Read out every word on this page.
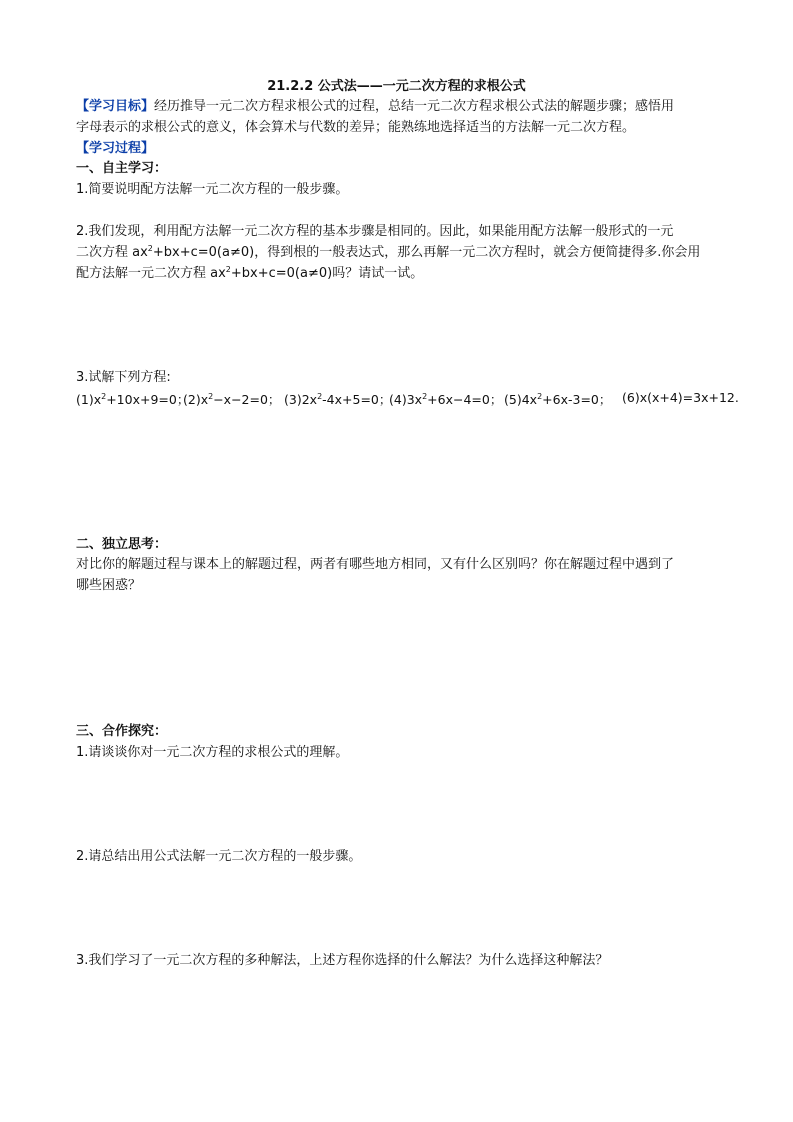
21.2.2 公式法——一元二次方程的求根公式
【学习目标】经历推导一元二次方程求根公式的过程，总结一元二次方程求根公式法的解题步骤；感悟用
字母表示的求根公式的意义，体会算术与代数的差异；能熟练地选择适当的方法解一元二次方程。
【学习过程】
一、自主学习：
1.简要说明配方法解一元二次方程的一般步骤。
2.我们发现，利用配方法解一元二次方程的基本步骤是相同的。因此，如果能用配方法解一般形式的一元
二次方程 $ax^2+bx+c=0(a\ne 0)$，得到根的一般表达式，那么再解一元二次方程时，就会方便简捷得多.你会用
配方法解一元二次方程 $ax^2+bx+c=0(a\ne 0)$吗？请试一试。
3.试解下列方程:
$(1)x^2+10x+9=0$；
$(2)x^2-x-2=0$； $(3)2x^2-4x+5=0$；
$(4)3x^2+6x-4=0$； $(5)4x^2+6x-3=0$； (6)x(x+4)=3x+12.
二、独立思考：
对比你的解题过程与课本上的解题过程，两者有哪些地方相同，又有什么区别吗？你在解题过程中遇到了
哪些困惑？
三、合作探究：
1.请谈谈你对一元二次方程的求根公式的理解。
2.请总结出用公式法解一元二次方程的一般步骤。
3.我们学习了一元二次方程的多种解法，上述方程你选择的什么解法？为什么选择这种解法？
